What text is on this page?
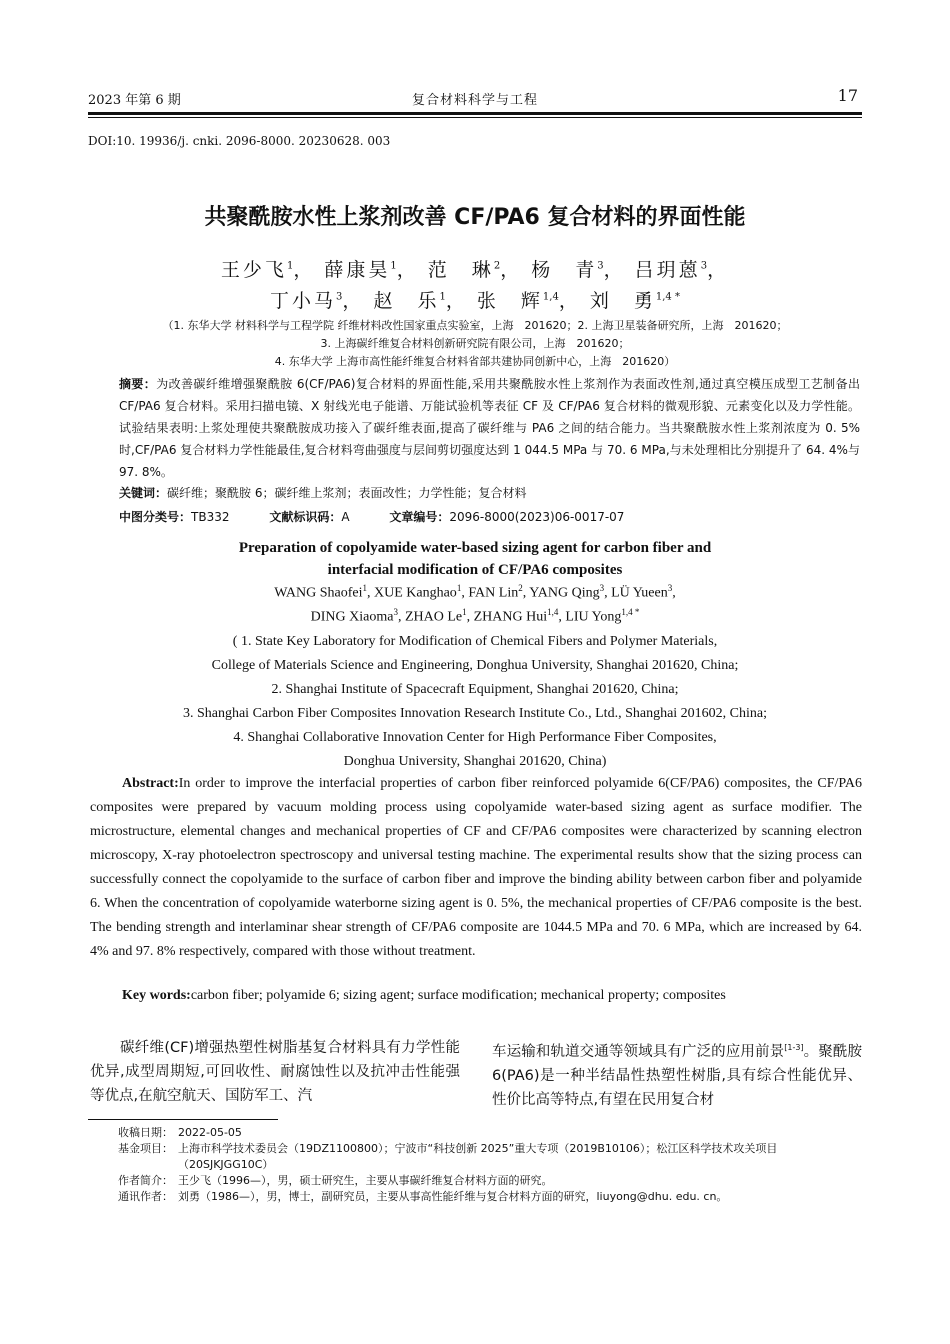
2023 年第 6 期	复合材料科学与工程	17
DOI:10. 19936/j. cnki. 2096-8000. 20230628. 003
共聚酰胺水性上浆剂改善 CF/PA6 复合材料的界面性能
王少飞$^1$， 薛康昊$^1$， 范　琳$^2$， 杨　青$^3$， 吕玥蒽$^3$，
丁小马$^3$， 赵　乐$^1$， 张　辉$^{1,4}$， 刘　勇$^{1,4 *}$
（1. 东华大学 材料科学与工程学院 纤维材料改性国家重点实验室，上海　201620；2. 上海卫星装备研究所，上海　201620；
3. 上海碳纤维复合材料创新研究院有限公司，上海　201620；
4. 东华大学 上海市高性能纤维复合材料省部共建协同创新中心，上海　201620）
摘要：为改善碳纤维增强聚酰胺 6(CF/PA6)复合材料的界面性能,采用共聚酰胺水性上浆剂作为表面改性剂,通过真空模压成型工艺制备出 CF/PA6 复合材料。采用扫描电镜、X 射线光电子能谱、万能试验机等表征 CF 及 CF/PA6 复合材料的微观形貌、元素变化以及力学性能。试验结果表明:上浆处理使共聚酰胺成功接入了碳纤维表面,提高了碳纤维与 PA6 之间的结合能力。当共聚酰胺水性上浆剂浓度为 0. 5%时,CF/PA6 复合材料力学性能最佳,复合材料弯曲强度与层间剪切强度达到 1 044.5 MPa 与 70. 6 MPa,与未处理相比分别提升了 64. 4%与 97. 8%。
关键词：碳纤维；聚酰胺 6；碳纤维上浆剂；表面改性；力学性能；复合材料
中图分类号：TB332	文献标识码：A	文章编号：2096-8000(2023)06-0017-07
Preparation of copolyamide water-based sizing agent for carbon fiber and
interfacial modification of CF/PA6 composites
WANG Shaofei$^1$, XUE Kanghao$^1$, FAN Lin$^2$, YANG Qing$^3$, LÜ Yueen$^3$,
DING Xiaoma$^3$, ZHAO Le$^1$, ZHANG Hui$^{1,4}$, LIU Yong$^{1,4 *}$
( 1. State Key Laboratory for Modification of Chemical Fibers and Polymer Materials,
College of Materials Science and Engineering, Donghua University, Shanghai 201620, China;
2. Shanghai Institute of Spacecraft Equipment, Shanghai 201620, China;
3. Shanghai Carbon Fiber Composites Innovation Research Institute Co., Ltd., Shanghai 201602, China;
4. Shanghai Collaborative Innovation Center for High Performance Fiber Composites,
Donghua University, Shanghai 201620, China)
Abstract:In order to improve the interfacial properties of carbon fiber reinforced polyamide 6(CF/PA6) composites, the CF/PA6 composites were prepared by vacuum molding process using copolyamide water-based sizing agent as surface modifier. The microstructure, elemental changes and mechanical properties of CF and CF/PA6 composites were characterized by scanning electron microscopy, X-ray photoelectron spectroscopy and universal testing machine. The experimental results show that the sizing process can successfully connect the copolyamide to the surface of carbon fiber and improve the binding ability between carbon fiber and polyamide 6. When the concentration of copolyamide waterborne sizing agent is 0. 5%, the mechanical properties of CF/PA6 composite is the best. The bending strength and interlaminar shear strength of CF/PA6 composite are 1044.5 MPa and 70. 6 MPa, which are increased by 64. 4% and 97. 8% respectively, compared with those without treatment.
Key words:carbon fiber; polyamide 6; sizing agent; surface modification; mechanical property; composites
碳纤维(CF)增强热塑性树脂基复合材料具有力学性能优异,成型周期短,可回收性、耐腐蚀性以及抗冲击性能强等优点,在航空航天、国防军工、汽
车运输和轨道交通等领域具有广泛的应用前景[1-3]。聚酰胺 6(PA6)是一种半结晶性热塑性树脂,具有综合性能优异、性价比高等特点,有望在民用复合材
收稿日期： 2022-05-05
基金项目： 上海市科学技术委员会（19DZ1100800）；宁波市“科技创新 2025”重大专项（2019B10106）；松江区科学技术攻关项目（20SJKJGG10C）
作者简介： 王少飞（1996—），男，硕士研究生，主要从事碳纤维复合材料方面的研究。
通讯作者： 刘勇（1986—），男，博士，副研究员，主要从事高性能纤维与复合材料方面的研究，liuyong@dhu. edu. cn。
